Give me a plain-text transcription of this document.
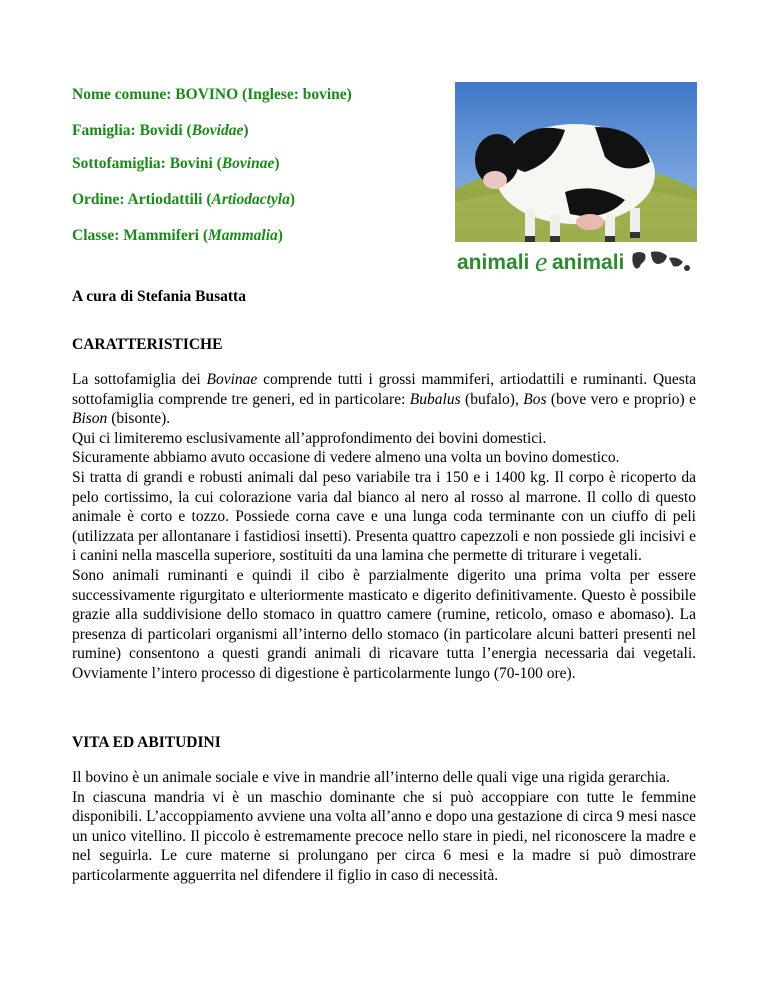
Nome comune: BOVINO (Inglese: bovine)
Famiglia: Bovidi (Bovidae)
Sottofamiglia: Bovini (Bovinae)
Ordine: Artiodattili (Artiodactyla)
Classe: Mammiferi (Mammalia)
animali e animali
A cura di Stefania Busatta
CARATTERISTICHE

La sottofamiglia dei Bovinae comprende tutti i grossi mammiferi, artiodattili e ruminanti. Questa sottofamiglia comprende tre generi, ed in particolare: Bubalus (bufalo), Bos (bove vero e proprio) e Bison (bisonte).

Qui ci limiteremo esclusivamente all’approfondimento dei bovini domestici.

Sicuramente abbiamo avuto occasione di vedere almeno una volta un bovino domestico.

Si tratta di grandi e robusti animali dal peso variabile tra i 150 e i 1400 kg. Il corpo è ricoperto da pelo cortissimo, la cui colorazione varia dal bianco al nero al rosso al marrone. Il collo di questo animale è corto e tozzo. Possiede corna cave e una lunga coda terminante con un ciuffo di peli (utilizzata per allontanare i fastidiosi insetti). Presenta quattro capezzoli e non possiede gli incisivi e i canini nella mascella superiore, sostituiti da una lamina che permette di triturare i vegetali.

Sono animali ruminanti e quindi il cibo è parzialmente digerito una prima volta per essere successivamente rigurgitato e ulteriormente masticato e digerito definitivamente. Questo è possibile grazie alla suddivisione dello stomaco in quattro camere (rumine, reticolo, omaso e abomaso). La presenza di particolari organismi all’interno dello stomaco (in particolare alcuni batteri presenti nel rumine) consentono a questi grandi animali di ricavare tutta l’energia necessaria dai vegetali. Ovviamente l’intero processo di digestione è particolarmente lungo (70-100 ore).

VITA ED ABITUDINI

Il bovino è un animale sociale e vive in mandrie all’interno delle quali vige una rigida gerarchia.

In ciascuna mandria vi è un maschio dominante che si può accoppiare con tutte le femmine disponibili. L’accoppiamento avviene una volta all’anno e dopo una gestazione di circa 9 mesi nasce un unico vitellino. Il piccolo è estremamente precoce nello stare in piedi, nel riconoscere la madre e nel seguirla. Le cure materne si prolungano per circa 6 mesi e la madre si può dimostrare particolarmente agguerrita nel difendere il figlio in caso di necessità.
